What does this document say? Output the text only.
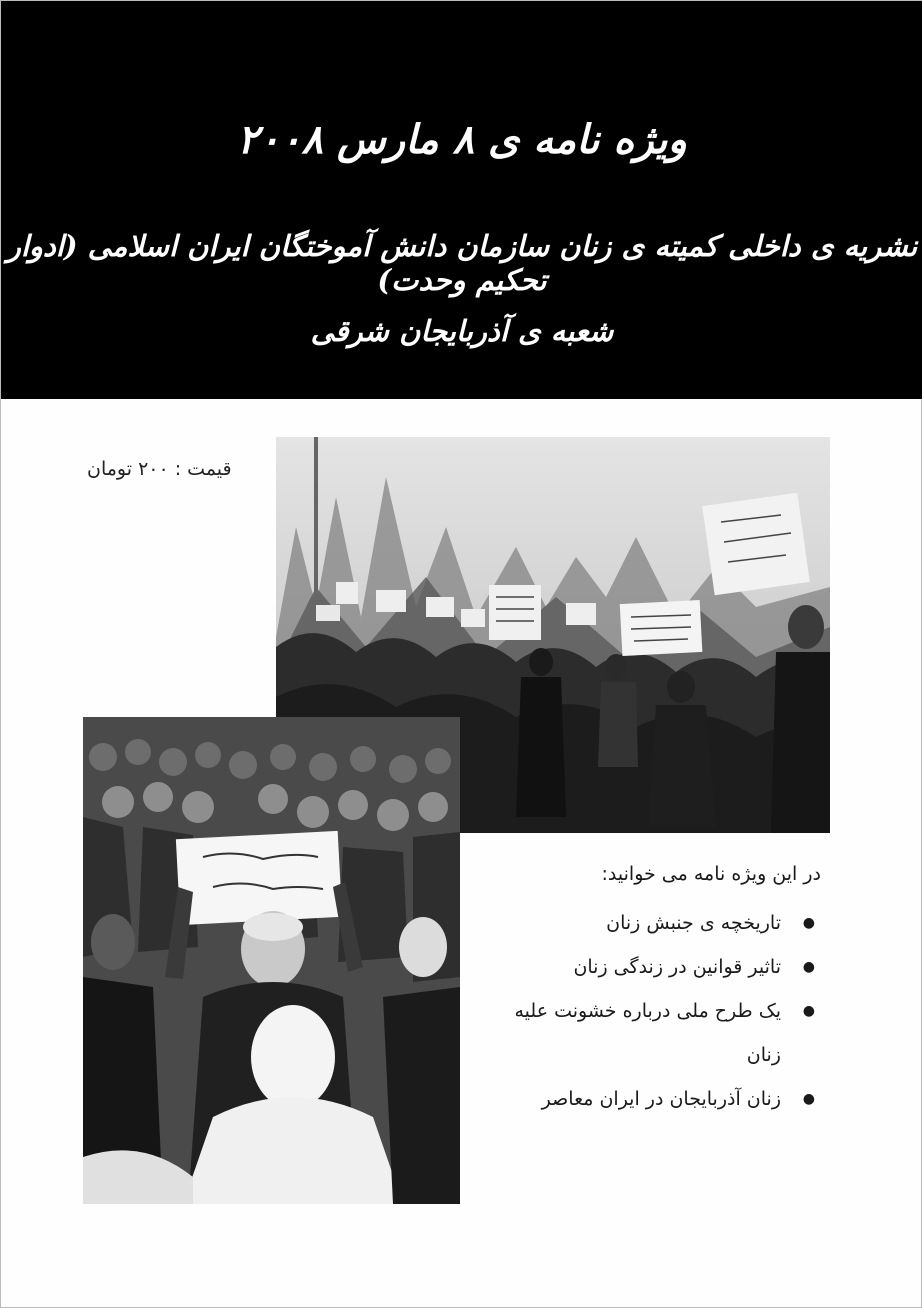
ویژه نامه ی ۸ مارس ۲۰۰۸
نشریه ی داخلی کمیته ی زنان سازمان دانش آموختگان ایران اسلامی (ادوار تحکیم وحدت)
شعبه ی آذربایجان شرقی
قیمت : ۲۰۰ تومان
در این ویژه نامه می خوانید:
●
تاریخچه ی جنبش زنان
●
تاثیر قوانین در زندگی زنان
●
یک طرح ملی درباره خشونت علیه زنان
●
زنان آذربایجان در ایران معاصر
